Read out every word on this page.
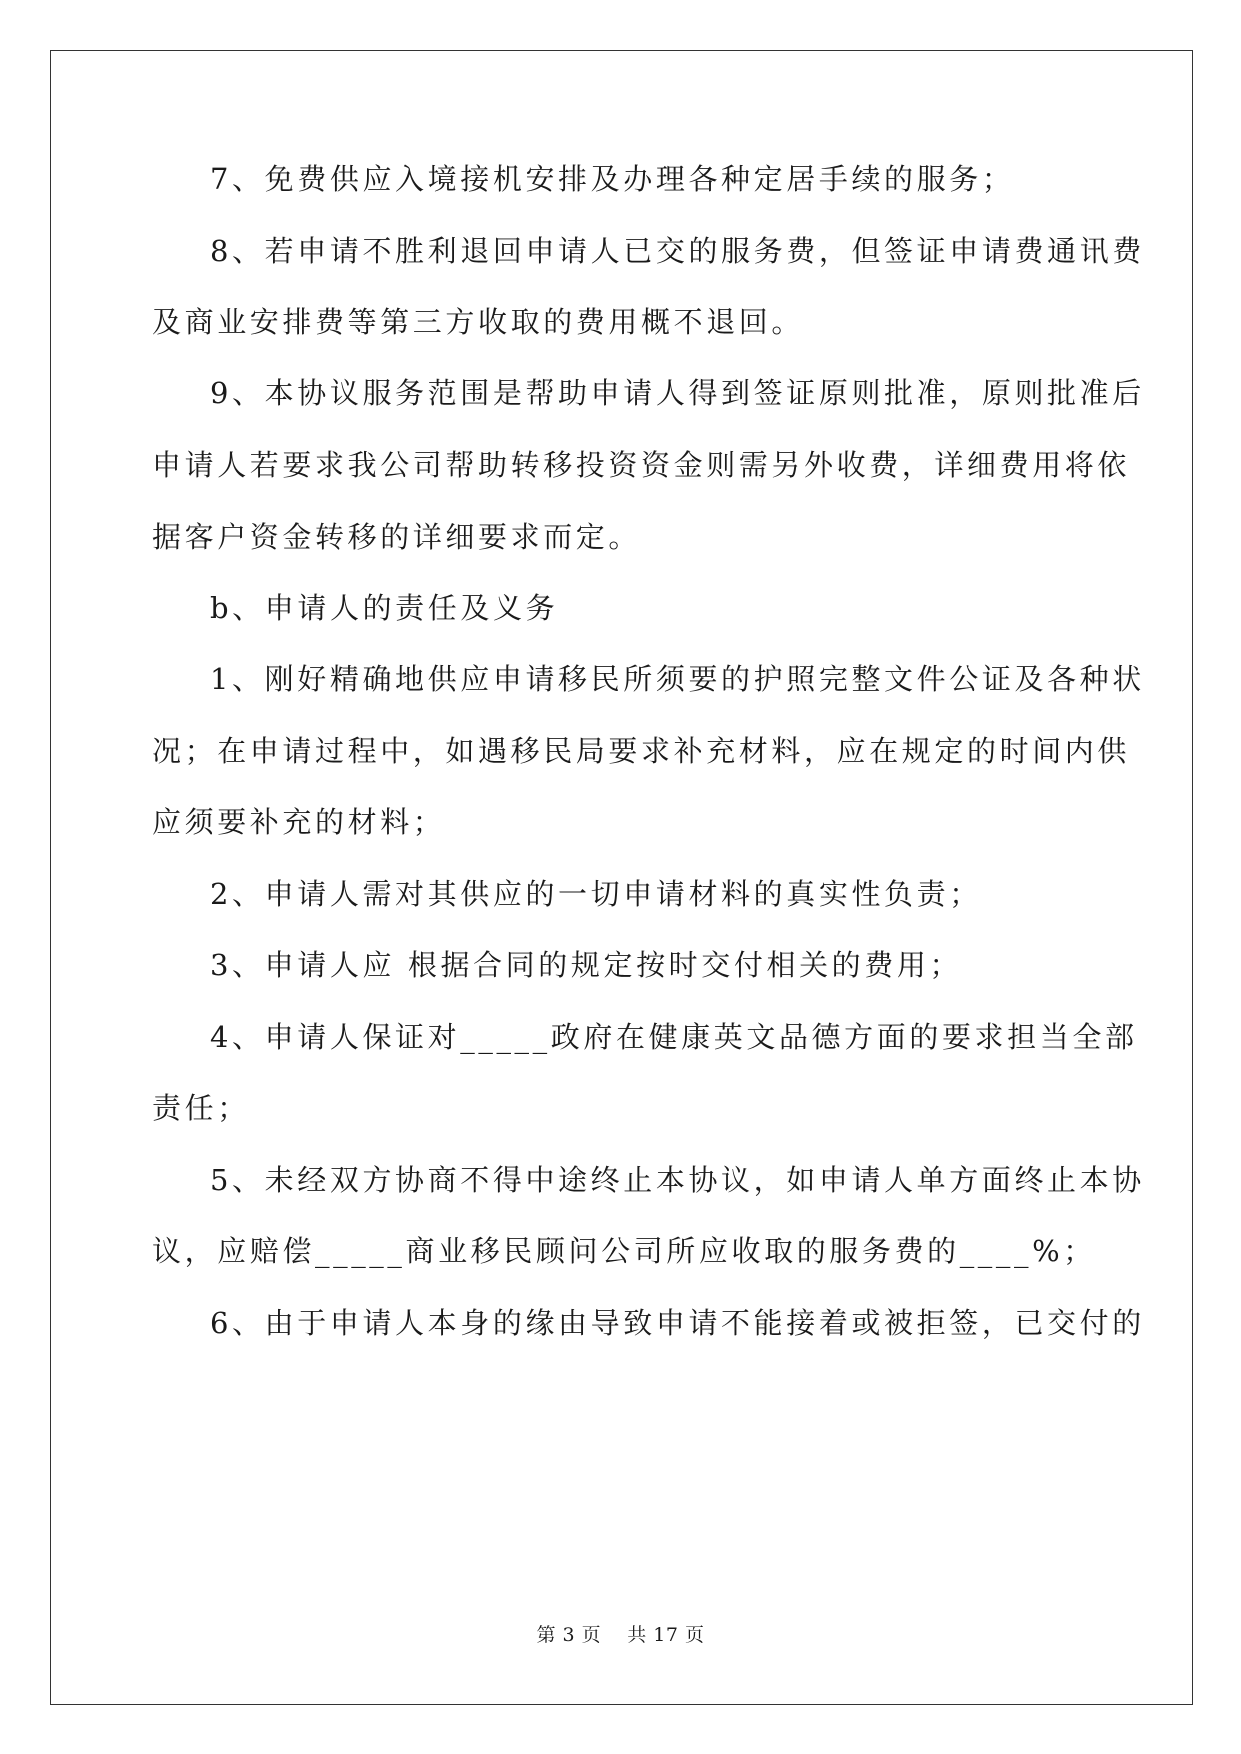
7、免费供应入境接机安排及办理各种定居手续的服务；
8、若申请不胜利退回申请人已交的服务费，但签证申请费通讯费
及商业安排费等第三方收取的费用概不退回。
9、本协议服务范围是帮助申请人得到签证原则批准，原则批准后
申请人若要求我公司帮助转移投资资金则需另外收费，详细费用将依
据客户资金转移的详细要求而定。
b、申请人的责任及义务
1、刚好精确地供应申请移民所须要的护照完整文件公证及各种状
况；在申请过程中，如遇移民局要求补充材料，应在规定的时间内供
应须要补充的材料；
2、申请人需对其供应的一切申请材料的真实性负责；
3、申请人应 根据合同的规定按时交付相关的费用；
4、申请人保证对_____政府在健康英文品德方面的要求担当全部
责任；
5、未经双方协商不得中途终止本协议，如申请人单方面终止本协
议，应赔偿_____商业移民顾问公司所应收取的服务费的____%；
6、由于申请人本身的缘由导致申请不能接着或被拒签，已交付的
第 3 页　 共 17 页
